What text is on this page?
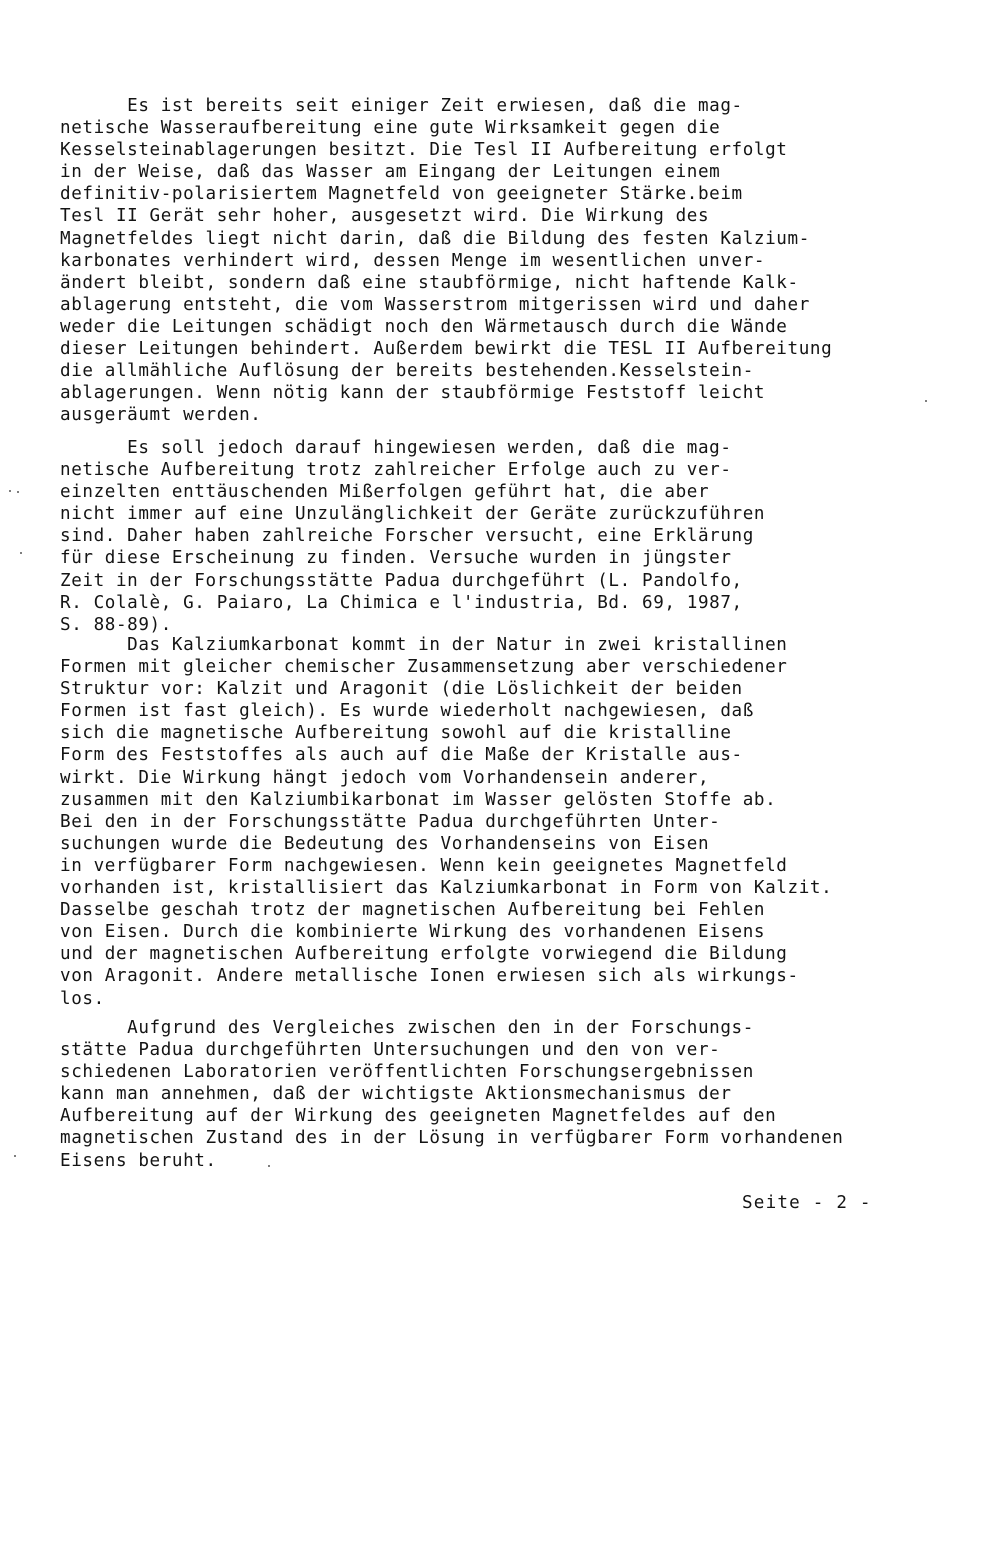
Es ist bereits seit einiger Zeit erwiesen, daß die mag-
netische Wasseraufbereitung eine gute Wirksamkeit gegen die
Kesselsteinablagerungen besitzt. Die Tesl II Aufbereitung erfolgt
in der Weise, daß das Wasser am Eingang der Leitungen einem
definitiv-polarisiertem Magnetfeld von geeigneter Stärke.beim
Tesl II Gerät sehr hoher, ausgesetzt wird. Die Wirkung des
Magnetfeldes liegt nicht darin, daß die Bildung des festen Kalzium-
karbonates verhindert wird, dessen Menge im wesentlichen unver-
ändert bleibt, sondern daß eine staubförmige, nicht haftende Kalk-
ablagerung entsteht, die vom Wasserstrom mitgerissen wird und daher
weder die Leitungen schädigt noch den Wärmetausch durch die Wände
dieser Leitungen behindert. Außerdem bewirkt die TESL II Aufbereitung
die allmähliche Auflösung der bereits bestehenden.Kesselstein-
ablagerungen. Wenn nötig kann der staubförmige Feststoff leicht
ausgeräumt werden.
Es soll jedoch darauf hingewiesen werden, daß die mag-
netische Aufbereitung trotz zahlreicher Erfolge auch zu ver-
einzelten enttäuschenden Mißerfolgen geführt hat, die aber
nicht immer auf eine Unzulänglichkeit der Geräte zurückzuführen
sind. Daher haben zahlreiche Forscher versucht, eine Erklärung
für diese Erscheinung zu finden. Versuche wurden in jüngster
Zeit in der Forschungsstätte Padua durchgeführt (L. Pandolfo,
R. Colalè, G. Paiaro, La Chimica e l'industria, Bd. 69, 1987,
S. 88-89).
Das Kalziumkarbonat kommt in der Natur in zwei kristallinen
Formen mit gleicher chemischer Zusammensetzung aber verschiedener
Struktur vor: Kalzit und Aragonit (die Löslichkeit der beiden
Formen ist fast gleich). Es wurde wiederholt nachgewiesen, daß
sich die magnetische Aufbereitung sowohl auf die kristalline
Form des Feststoffes als auch auf die Maße der Kristalle aus-
wirkt. Die Wirkung hängt jedoch vom Vorhandensein anderer,
zusammen mit den Kalziumbikarbonat im Wasser gelösten Stoffe ab.
Bei den in der Forschungsstätte Padua durchgeführten Unter-
suchungen wurde die Bedeutung des Vorhandenseins von Eisen
in verfügbarer Form nachgewiesen. Wenn kein geeignetes Magnetfeld
vorhanden ist, kristallisiert das Kalziumkarbonat in Form von Kalzit.
Dasselbe geschah trotz der magnetischen Aufbereitung bei Fehlen
von Eisen. Durch die kombinierte Wirkung des vorhandenen Eisens
und der magnetischen Aufbereitung erfolgte vorwiegend die Bildung
von Aragonit. Andere metallische Ionen erwiesen sich als wirkungs-
los.
Aufgrund des Vergleiches zwischen den in der Forschungs-
stätte Padua durchgeführten Untersuchungen und den von ver-
schiedenen Laboratorien veröffentlichten Forschungsergebnissen
kann man annehmen, daß der wichtigste Aktionsmechanismus der
Aufbereitung auf der Wirkung des geeigneten Magnetfeldes auf den
magnetischen Zustand des in der Lösung in verfügbarer Form vorhandenen
Eisens beruht.
Seite - 2 -
